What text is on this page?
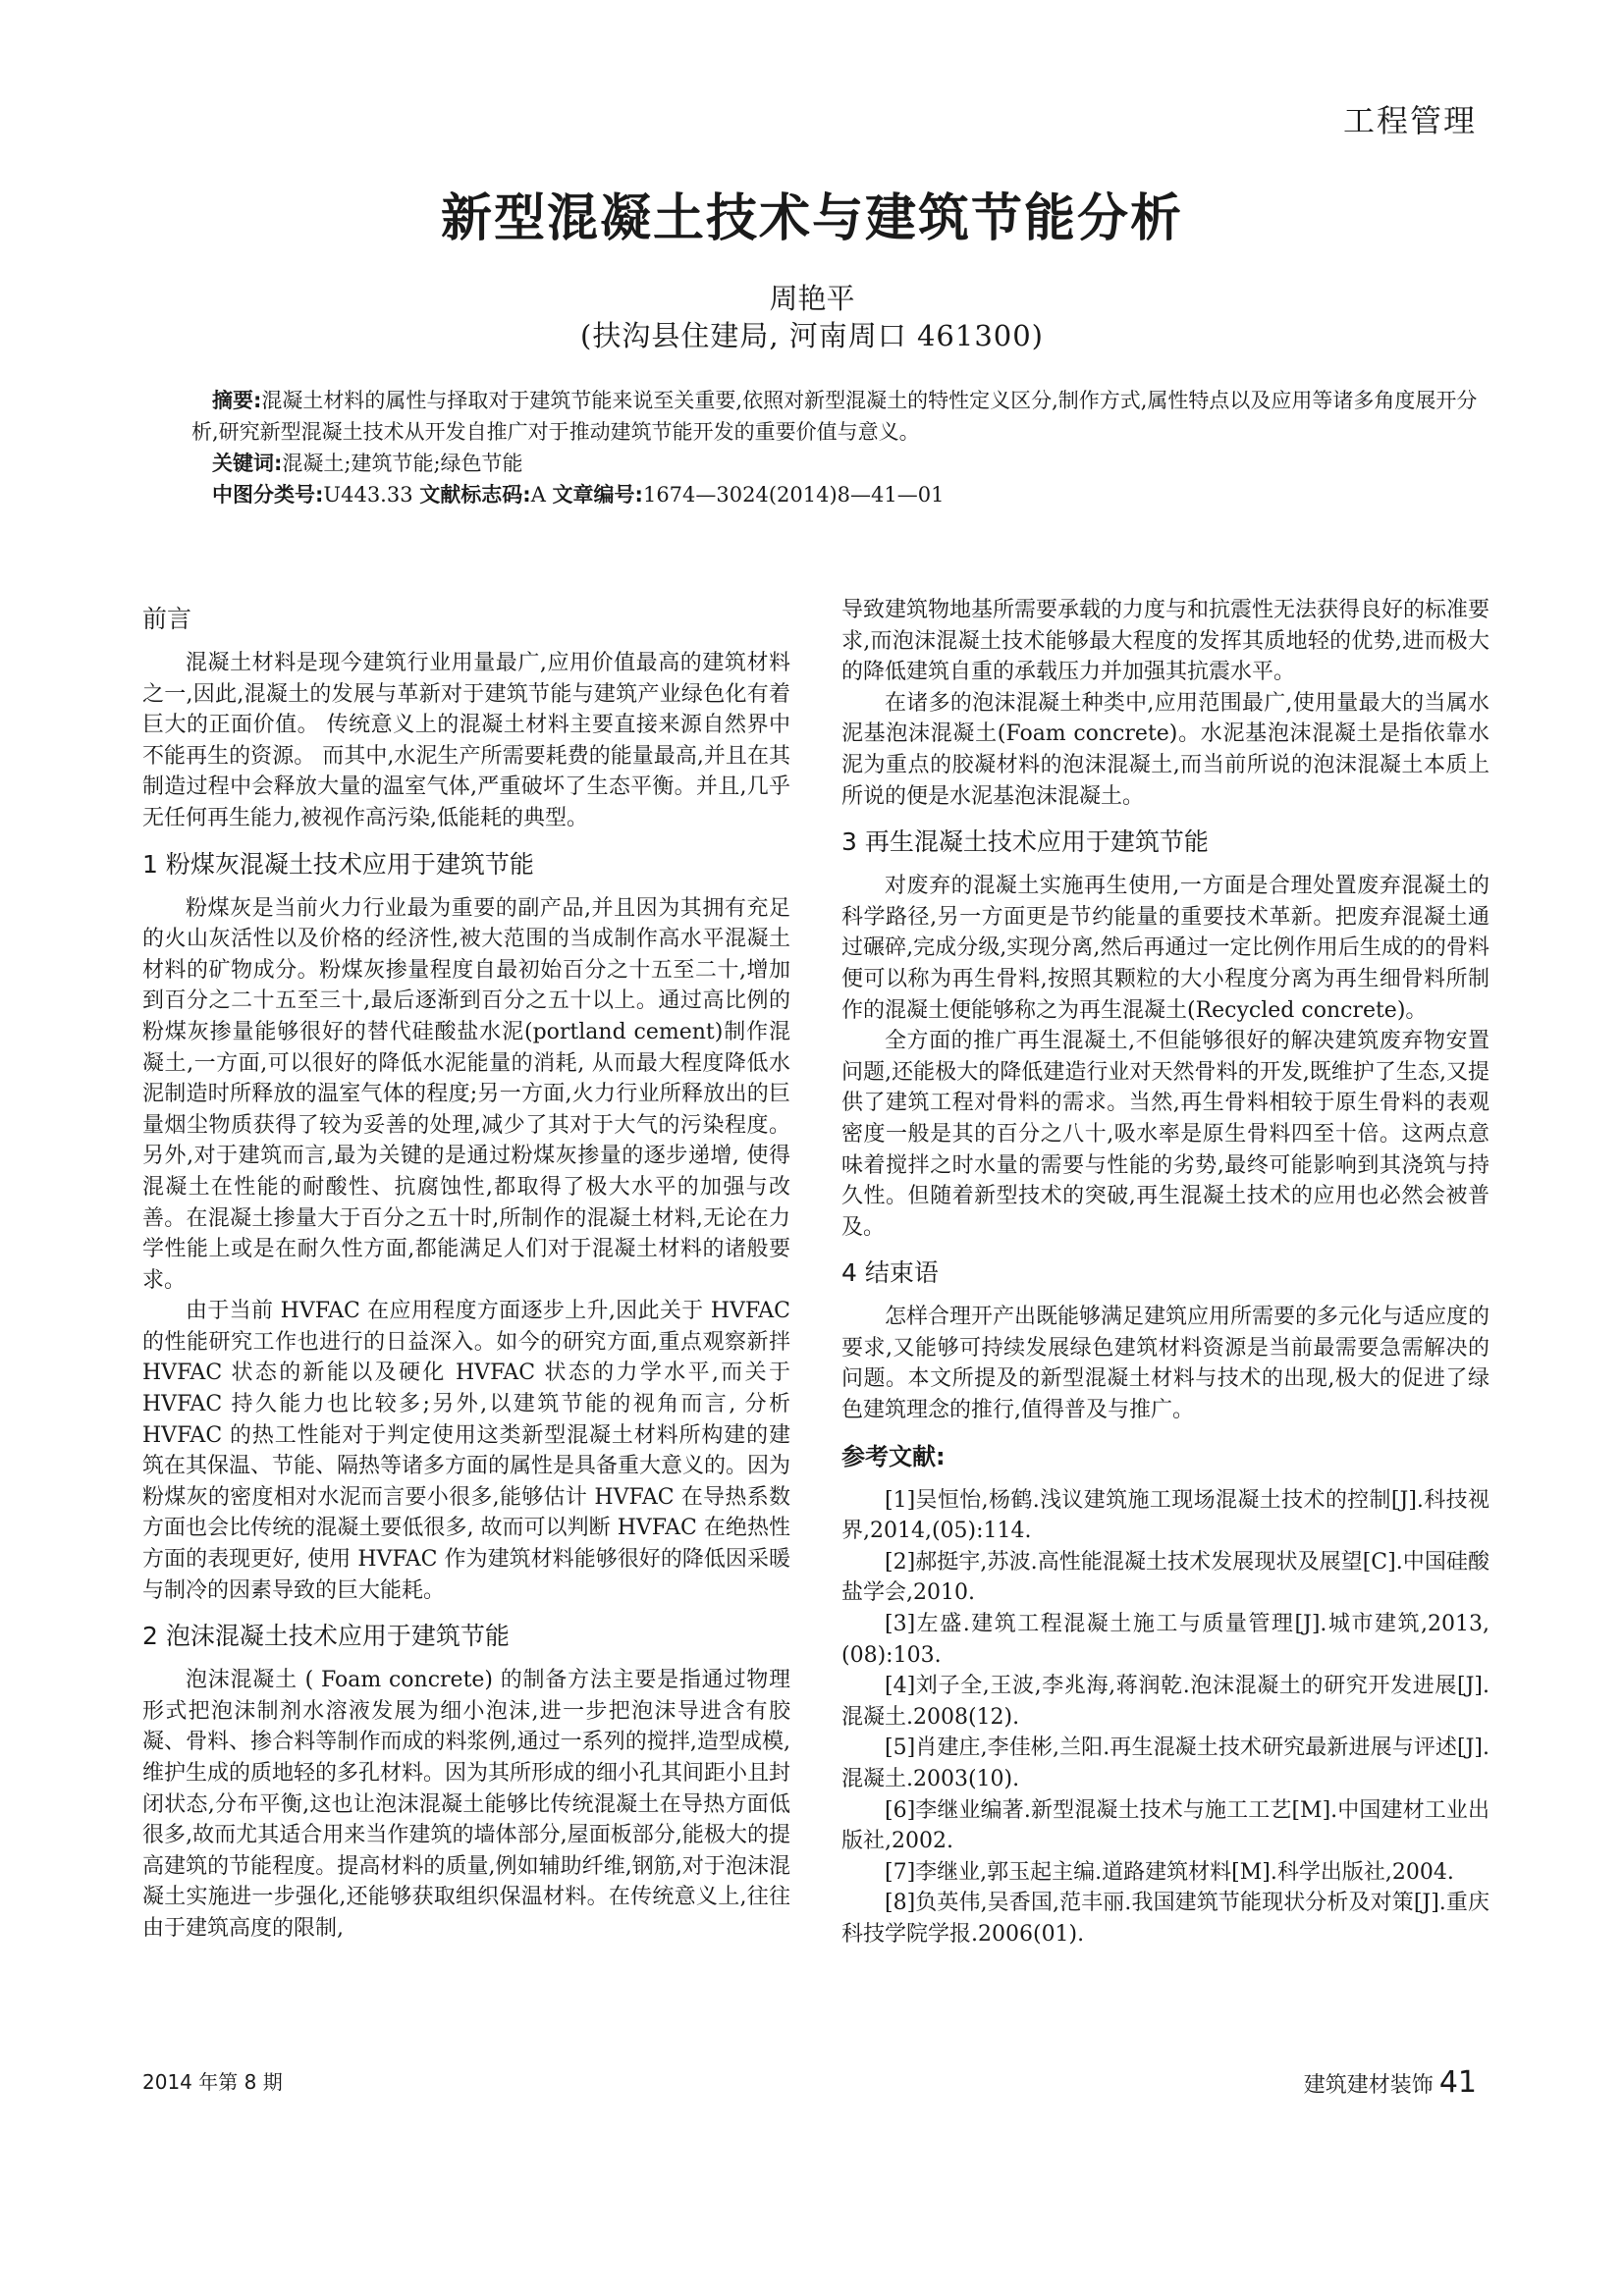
工程管理
新型混凝土技术与建筑节能分析
周艳平
(扶沟县住建局, 河南周口 461300)

 摘要:混凝土材料的属性与择取对于建筑节能来说至关重要,依照对新型混凝土的特性定义区分,制作方式,属性特点以及应用等诸多角度展开分析,研究新型混凝土技术从开发自推广对于推动建筑节能开发的重要价值与意义。

 关键词:混凝土;建筑节能;绿色节能

 中图分类号:U443.33 文献标志码:A 文章编号:1674—3024(2014)8—41—01

前言

混凝土材料是现今建筑行业用量最广,应用价值最高的建筑材料之一,因此,混凝土的发展与革新对于建筑节能与建筑产业绿色化有着巨大的正面价值。 传统意义上的混凝土材料主要直接来源自然界中不能再生的资源。 而其中,水泥生产所需要耗费的能量最高,并且在其制造过程中会释放大量的温室气体,严重破坏了生态平衡。并且,几乎无任何再生能力,被视作高污染,低能耗的典型。

1 粉煤灰混凝土技术应用于建筑节能

粉煤灰是当前火力行业最为重要的副产品,并且因为其拥有充足的火山灰活性以及价格的经济性,被大范围的当成制作高水平混凝土材料的矿物成分。粉煤灰掺量程度自最初始百分之十五至二十,增加到百分之二十五至三十,最后逐渐到百分之五十以上。通过高比例的粉煤灰掺量能够很好的替代硅酸盐水泥(portland cement)制作混凝土,一方面,可以很好的降低水泥能量的消耗, 从而最大程度降低水泥制造时所释放的温室气体的程度;另一方面,火力行业所释放出的巨量烟尘物质获得了较为妥善的处理,减少了其对于大气的污染程度。另外,对于建筑而言,最为关键的是通过粉煤灰掺量的逐步递增, 使得混凝土在性能的耐酸性、抗腐蚀性,都取得了极大水平的加强与改善。在混凝土掺量大于百分之五十时,所制作的混凝土材料,无论在力学性能上或是在耐久性方面,都能满足人们对于混凝土材料的诸般要求。

由于当前 HVFAC 在应用程度方面逐步上升,因此关于 HVFAC 的性能研究工作也进行的日益深入。如今的研究方面,重点观察新拌 HVFAC 状态的新能以及硬化 HVFAC 状态的力学水平,而关于 HVFAC 持久能力也比较多;另外,以建筑节能的视角而言, 分析 HVFAC 的热工性能对于判定使用这类新型混凝土材料所构建的建筑在其保温、节能、隔热等诸多方面的属性是具备重大意义的。因为粉煤灰的密度相对水泥而言要小很多,能够估计 HVFAC 在导热系数方面也会比传统的混凝土要低很多, 故而可以判断 HVFAC 在绝热性方面的表现更好, 使用 HVFAC 作为建筑材料能够很好的降低因采暖与制冷的因素导致的巨大能耗。

2 泡沫混凝土技术应用于建筑节能

泡沫混凝土 ( Foam concrete) 的制备方法主要是指通过物理形式把泡沫制剂水溶液发展为细小泡沫,进一步把泡沫导进含有胶凝、骨料、掺合料等制作而成的料浆例,通过一系列的搅拌,造型成模,维护生成的质地轻的多孔材料。因为其所形成的细小孔其间距小且封闭状态,分布平衡,这也让泡沫混凝土能够比传统混凝土在导热方面低很多,故而尤其适合用来当作建筑的墙体部分,屋面板部分,能极大的提高建筑的节能程度。提高材料的质量,例如辅助纤维,钢筋,对于泡沫混凝土实施进一步强化,还能够获取组织保温材料。在传统意义上,往往由于建筑高度的限制,

导致建筑物地基所需要承载的力度与和抗震性无法获得良好的标准要求,而泡沫混凝土技术能够最大程度的发挥其质地轻的优势,进而极大的降低建筑自重的承载压力并加强其抗震水平。

在诸多的泡沫混凝土种类中,应用范围最广,使用量最大的当属水泥基泡沫混凝土(Foam concrete)。水泥基泡沫混凝土是指依靠水泥为重点的胶凝材料的泡沫混凝土,而当前所说的泡沫混凝土本质上所说的便是水泥基泡沫混凝土。

3 再生混凝土技术应用于建筑节能

对废弃的混凝土实施再生使用,一方面是合理处置废弃混凝土的科学路径,另一方面更是节约能量的重要技术革新。把废弃混凝土通过碾碎,完成分级,实现分离,然后再通过一定比例作用后生成的的骨料便可以称为再生骨料,按照其颗粒的大小程度分离为再生细骨料所制作的混凝土便能够称之为再生混凝土(Recycled concrete)。

全方面的推广再生混凝土,不但能够很好的解决建筑废弃物安置问题,还能极大的降低建造行业对天然骨料的开发,既维护了生态,又提供了建筑工程对骨料的需求。当然,再生骨料相较于原生骨料的表观密度一般是其的百分之八十,吸水率是原生骨料四至十倍。这两点意味着搅拌之时水量的需要与性能的劣势,最终可能影响到其浇筑与持久性。但随着新型技术的突破,再生混凝土技术的应用也必然会被普及。

4 结束语

怎样合理开产出既能够满足建筑应用所需要的多元化与适应度的要求,又能够可持续发展绿色建筑材料资源是当前最需要急需解决的问题。本文所提及的新型混凝土材料与技术的出现,极大的促进了绿色建筑理念的推行,值得普及与推广。

参考文献:

[1]吴恒怡,杨鹤.浅议建筑施工现场混凝土技术的控制[J].科技视界,2014,(05):114.

[2]郝挺宇,苏波.高性能混凝土技术发展现状及展望[C].中国硅酸盐学会,2010.

[3]左盛.建筑工程混凝土施工与质量管理[J].城市建筑,2013,(08):103.

[4]刘子全,王波,李兆海,蒋润乾.泡沫混凝土的研究开发进展[J].混凝土.2008(12).

[5]肖建庄,李佳彬,兰阳.再生混凝土技术研究最新进展与评述[J].混凝土.2003(10).

[6]李继业编著.新型混凝土技术与施工工艺[M].中国建材工业出版社,2002.

[7]李继业,郭玉起主编.道路建筑材料[M].科学出版社,2004.

[8]负英伟,吴香国,范丰丽.我国建筑节能现状分析及对策[J].重庆科技学院学报.2006(01).

2014 年第 8 期	建筑建材装饰 41
